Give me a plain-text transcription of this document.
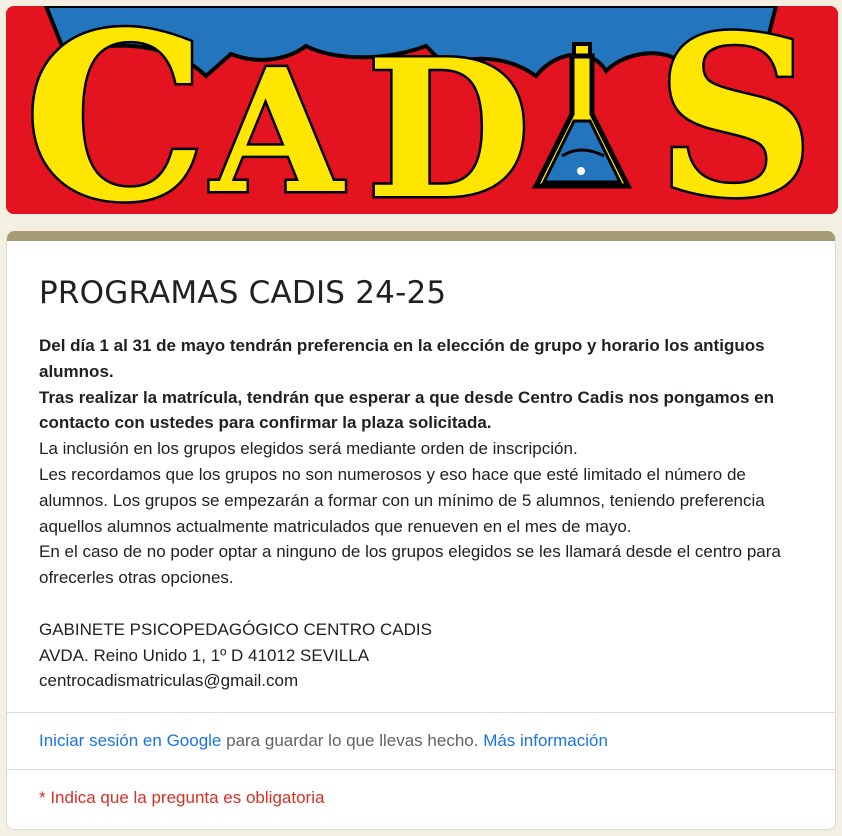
C A D S
PROGRAMAS CADIS 24-25
Del día 1 al 31 de mayo tendrán preferencia en la elección de grupo y horario los antiguos alumnos.
Tras realizar la matrícula, tendrán que esperar a que desde Centro Cadis nos pongamos en contacto con ustedes para confirmar la plaza solicitada.
La inclusión en los grupos elegidos será mediante orden de inscripción.
Les recordamos que los grupos no son numerosos y eso hace que esté limitado el número de alumnos. Los grupos se empezarán a formar con un mínimo de 5 alumnos, teniendo preferencia aquellos alumnos actualmente matriculados que renueven en el mes de mayo.
En el caso de no poder optar a ninguno de los grupos elegidos se les llamará desde el centro para ofrecerles otras opciones.
GABINETE PSICOPEDAGÓGICO CENTRO CADIS
AVDA. Reino Unido 1, 1º D 41012 SEVILLA
centrocadismatriculas@gmail.com
Iniciar sesión en Google para guardar lo que llevas hecho. Más información
* Indica que la pregunta es obligatoria
